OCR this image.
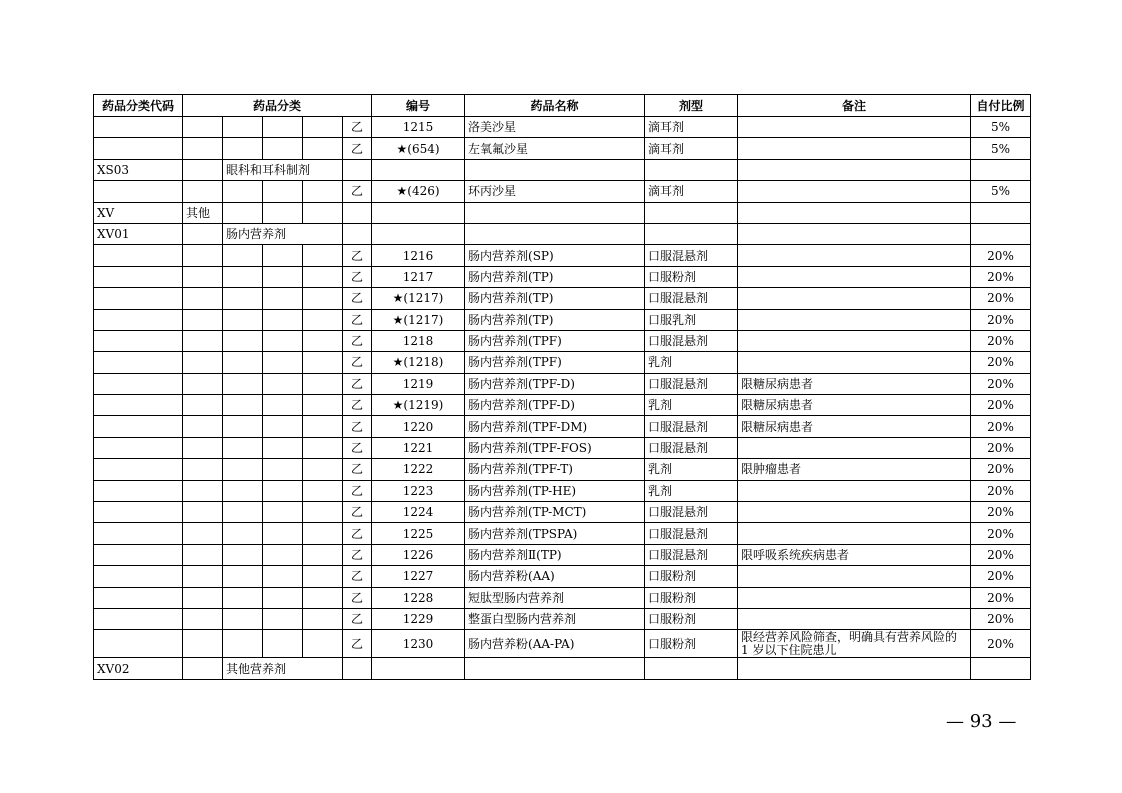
药品分类代码	药品分类					编号	药品名称	剂型	备注	自付比例
					乙	1215	洛美沙星	滴耳剂		5%
					乙	★(654)	左氧氟沙星	滴耳剂		5%
XS03		眼科和耳科制剂								
					乙	★(426)	环丙沙星	滴耳剂		5%
XV	其他									
XV01		肠内营养剂								
					乙	1216	肠内营养剂(SP)	口服混悬剂		20%
					乙	1217	肠内营养剂(TP)	口服粉剂		20%
					乙	★(1217)	肠内营养剂(TP)	口服混悬剂		20%
					乙	★(1217)	肠内营养剂(TP)	口服乳剂		20%
					乙	1218	肠内营养剂(TPF)	口服混悬剂		20%
					乙	★(1218)	肠内营养剂(TPF)	乳剂		20%
					乙	1219	肠内营养剂(TPF-D)	口服混悬剂	限糖尿病患者	20%
					乙	★(1219)	肠内营养剂(TPF-D)	乳剂	限糖尿病患者	20%
					乙	1220	肠内营养剂(TPF-DM)	口服混悬剂	限糖尿病患者	20%
					乙	1221	肠内营养剂(TPF-FOS)	口服混悬剂		20%
					乙	1222	肠内营养剂(TPF-T)	乳剂	限肿瘤患者	20%
					乙	1223	肠内营养剂(TP-HE)	乳剂		20%
					乙	1224	肠内营养剂(TP-MCT)	口服混悬剂		20%
					乙	1225	肠内营养剂(TPSPA)	口服混悬剂		20%
					乙	1226	肠内营养剂Ⅱ(TP)	口服混悬剂	限呼吸系统疾病患者	20%
					乙	1227	肠内营养粉(AA)	口服粉剂		20%
					乙	1228	短肽型肠内营养剂	口服粉剂		20%
					乙	1229	整蛋白型肠内营养剂	口服粉剂		20%
					乙	1230	肠内营养粉(AA-PA)	口服粉剂	限经营养风险筛查，明确具有营养风险的 1 岁以下住院患儿	20%
XV02		其他营养剂								
— 93 —
